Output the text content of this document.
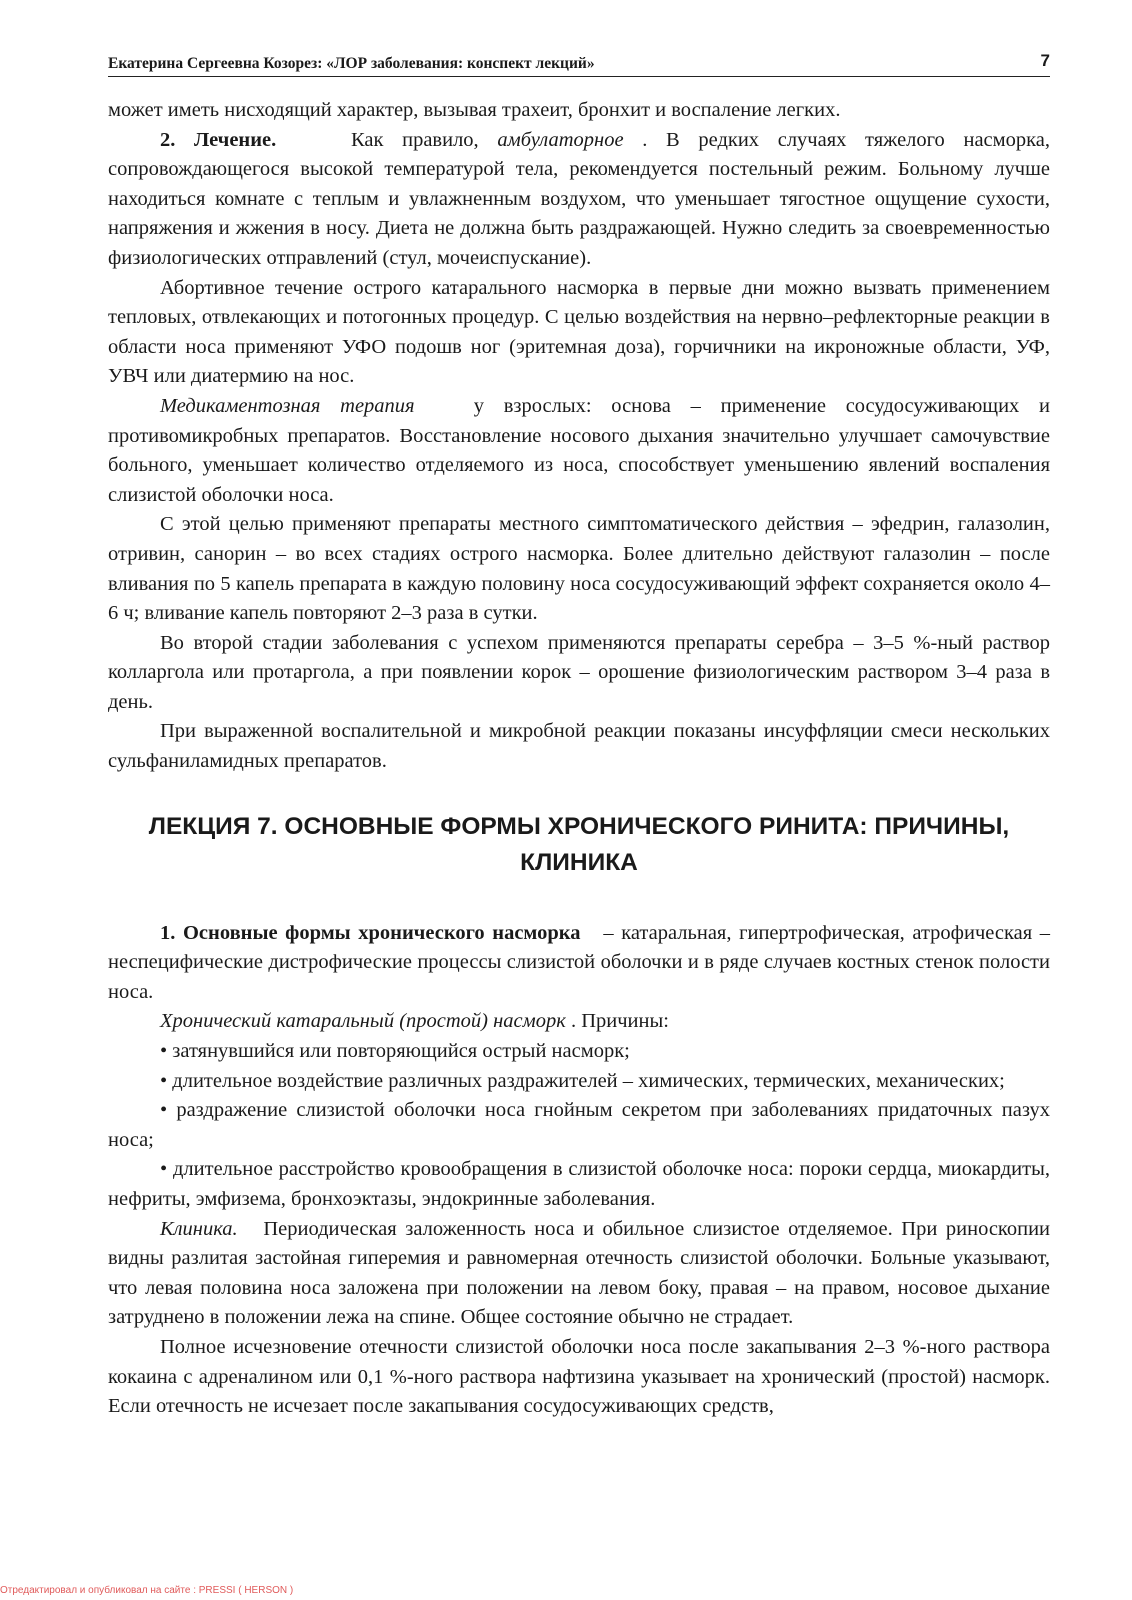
Екатерина Сергеевна Козорез: «ЛОР заболевания: конспект лекций»	7

может иметь нисходящий характер, вызывая трахеит, бронхит и воспаление легких.

2. Лечение.	Как правило, амбулаторное . В редких случаях тяжелого насморка, сопровождающегося высокой температурой тела, рекомендуется постельный режим. Больному лучше находиться комнате с теплым и увлажненным воздухом, что уменьшает тягостное ощущение сухости, напряжения и жжения в носу. Диета не должна быть раздражающей. Нужно следить за своевременностью физиологических отправлений (стул, мочеиспускание).

Абортивное течение острого катарального насморка в первые дни можно вызвать применением тепловых, отвлекающих и потогонных процедур. С целью воздействия на нервно–рефлекторные реакции в области носа применяют УФО подошв ног (эритемная доза), горчичники на икроножные области, УФ, УВЧ или диатермию на нос.

Медикаментозная терапия	у взрослых: основа – применение сосудосуживающих и противомикробных препаратов. Восстановление носового дыхания значительно улучшает самочувствие больного, уменьшает количество отделяемого из носа, способствует уменьшению явлений воспаления слизистой оболочки носа.

С этой целью применяют препараты местного симптоматического действия – эфедрин, галазолин, отривин, санорин – во всех стадиях острого насморка. Более длительно действуют галазолин – после вливания по 5 капель препарата в каждую половину носа сосудосуживающий эффект сохраняется около 4–6 ч; вливание капель повторяют 2–3 раза в сутки.

Во второй стадии заболевания с успехом применяются препараты серебра – 3–5 %-ный раствор колларгола или протаргола, а при появлении корок – орошение физиологическим раствором 3–4 раза в день.

При выраженной воспалительной и микробной реакции показаны инсуффляции смеси нескольких сульфаниламидных препаратов.

ЛЕКЦИЯ 7. ОСНОВНЫЕ ФОРМЫ ХРОНИЧЕСКОГО РИНИТА: ПРИЧИНЫ, КЛИНИКА

1. Основные формы хронического насморка   – катаральная, гипертрофическая, атрофическая – неспецифические дистрофические процессы слизистой оболочки и в ряде случаев костных стенок полости носа.

Хронический катаральный (простой) насморк . Причины:

• затянувшийся или повторяющийся острый насморк;

• длительное воздействие различных раздражителей – химических, термических, механических;

• раздражение слизистой оболочки носа гнойным секретом при заболеваниях придаточных пазух носа;

• длительное расстройство кровообращения в слизистой оболочке носа: пороки сердца, миокардиты, нефриты, эмфизема, бронхоэктазы, эндокринные заболевания.

Клиника. Периодическая заложенность носа и обильное слизистое отделяемое. При риноскопии видны разлитая застойная гиперемия и равномерная отечность слизистой оболочки. Больные указывают, что левая половина носа заложена при положении на левом боку, правая – на правом, носовое дыхание затруднено в положении лежа на спине. Общее состояние обычно не страдает.

Полное исчезновение отечности слизистой оболочки носа после закапывания 2–3 %-ного раствора кокаина с адреналином или 0,1 %-ного раствора нафтизина указывает на хронический (простой) насморк. Если отечность не исчезает после закапывания сосудосуживающих средств,

Отредактировал и опубликовал на сайте : PRESSI ( HERSON )
